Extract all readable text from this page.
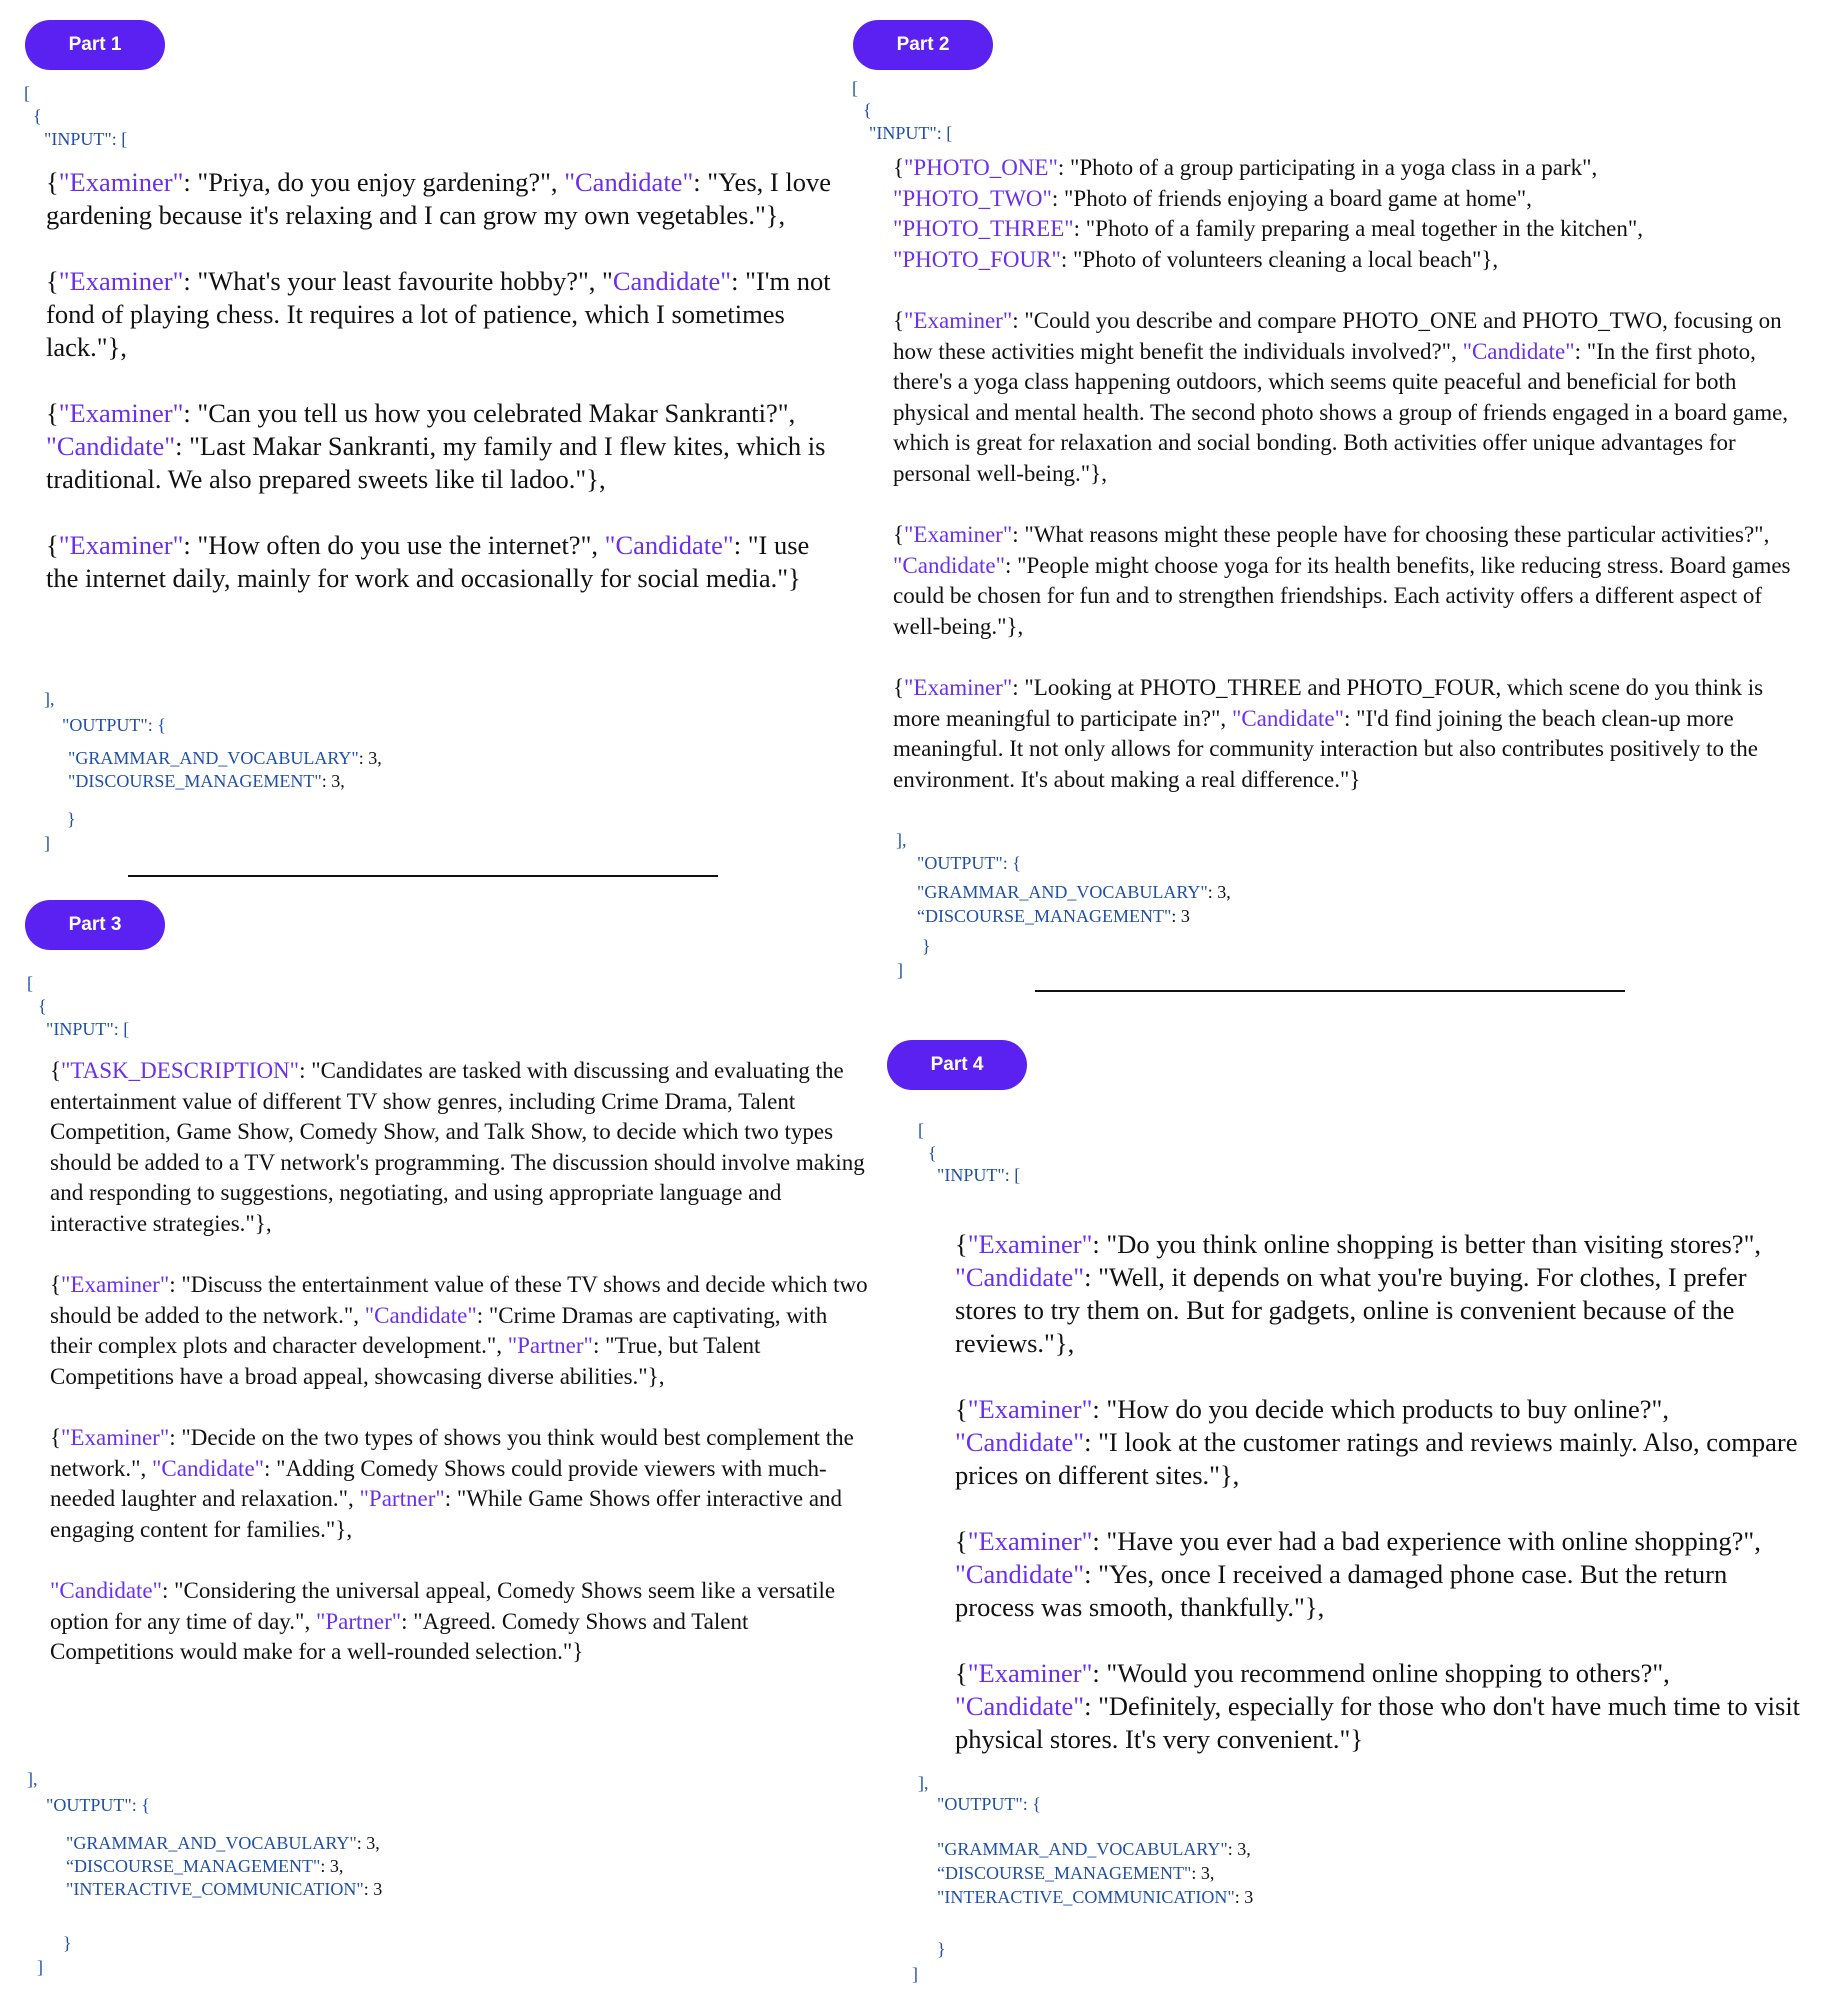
Part 1
[
{
"INPUT": [

{"Examiner": "Priya, do you enjoy gardening?", "Candidate": "Yes, I love gardening because it's relaxing and I can grow my own vegetables."},

{"Examiner": "What's your least favourite hobby?", "Candidate": "I'm not fond of playing chess. It requires a lot of patience, which I sometimes lack."},

{"Examiner": "Can you tell us how you celebrated Makar Sankranti?", "Candidate": "Last Makar Sankranti, my family and I flew kites, which is traditional. We also prepared sweets like til ladoo."},

{"Examiner": "How often do you use the internet?", "Candidate": "I use the internet daily, mainly for work and occasionally for social media."}

],
"OUTPUT": {
"GRAMMAR_AND_VOCABULARY": 3,
"DISCOURSE_MANAGEMENT": 3,
}
]
Part 2
[
{
"INPUT": [

{"PHOTO_ONE": "Photo of a group participating in a yoga class in a park",
"PHOTO_TWO": "Photo of friends enjoying a board game at home",
"PHOTO_THREE": "Photo of a family preparing a meal together in the kitchen",
"PHOTO_FOUR": "Photo of volunteers cleaning a local beach"},

{"Examiner": "Could you describe and compare PHOTO_ONE and PHOTO_TWO, focusing on how these activities might benefit the individuals involved?", "Candidate": "In the first photo, there's a yoga class happening outdoors, which seems quite peaceful and beneficial for both physical and mental health. The second photo shows a group of friends engaged in a board game, which is great for relaxation and social bonding. Both activities offer unique advantages for personal well-being."},

{"Examiner": "What reasons might these people have for choosing these particular activities?", "Candidate": "People might choose yoga for its health benefits, like reducing stress. Board games could be chosen for fun and to strengthen friendships. Each activity offers a different aspect of well-being."},

{"Examiner": "Looking at PHOTO_THREE and PHOTO_FOUR, which scene do you think is more meaningful to participate in?", "Candidate": "I'd find joining the beach clean-up more meaningful. It not only allows for community interaction but also contributes positively to the environment. It's about making a real difference."}

],
"OUTPUT": {
"GRAMMAR_AND_VOCABULARY": 3,
“DISCOURSE_MANAGEMENT": 3
}
]
Part 3
[
{
"INPUT": [

{"TASK_DESCRIPTION": "Candidates are tasked with discussing and evaluating the entertainment value of different TV show genres, including Crime Drama, Talent Competition, Game Show, Comedy Show, and Talk Show, to decide which two types should be added to a TV network's programming. The discussion should involve making and responding to suggestions, negotiating, and using appropriate language and interactive strategies."},

{"Examiner": "Discuss the entertainment value of these TV shows and decide which two should be added to the network.", "Candidate": "Crime Dramas are captivating, with their complex plots and character development.", "Partner": "True, but Talent Competitions have a broad appeal, showcasing diverse abilities."},

{"Examiner": "Decide on the two types of shows you think would best complement the network.", "Candidate": "Adding Comedy Shows could provide viewers with much-needed laughter and relaxation.", "Partner": "While Game Shows offer interactive and engaging content for families."},

"Candidate": "Considering the universal appeal, Comedy Shows seem like a versatile option for any time of day.", "Partner": "Agreed. Comedy Shows and Talent Competitions would make for a well-rounded selection."}

],
"OUTPUT": {
"GRAMMAR_AND_VOCABULARY": 3,
“DISCOURSE_MANAGEMENT": 3,
"INTERACTIVE_COMMUNICATION": 3
}
]
Part 4
[
{
"INPUT": [

{"Examiner": "Do you think online shopping is better than visiting stores?", "Candidate": "Well, it depends on what you're buying. For clothes, I prefer stores to try them on. But for gadgets, online is convenient because of the reviews."},

{"Examiner": "How do you decide which products to buy online?", "Candidate": "I look at the customer ratings and reviews mainly. Also, compare prices on different sites."},

{"Examiner": "Have you ever had a bad experience with online shopping?", "Candidate": "Yes, once I received a damaged phone case. But the return process was smooth, thankfully."},

{"Examiner": "Would you recommend online shopping to others?", "Candidate": "Definitely, especially for those who don't have much time to visit physical stores. It's very convenient."}

],
"OUTPUT": {
"GRAMMAR_AND_VOCABULARY": 3,
“DISCOURSE_MANAGEMENT": 3,
"INTERACTIVE_COMMUNICATION": 3
}
]
